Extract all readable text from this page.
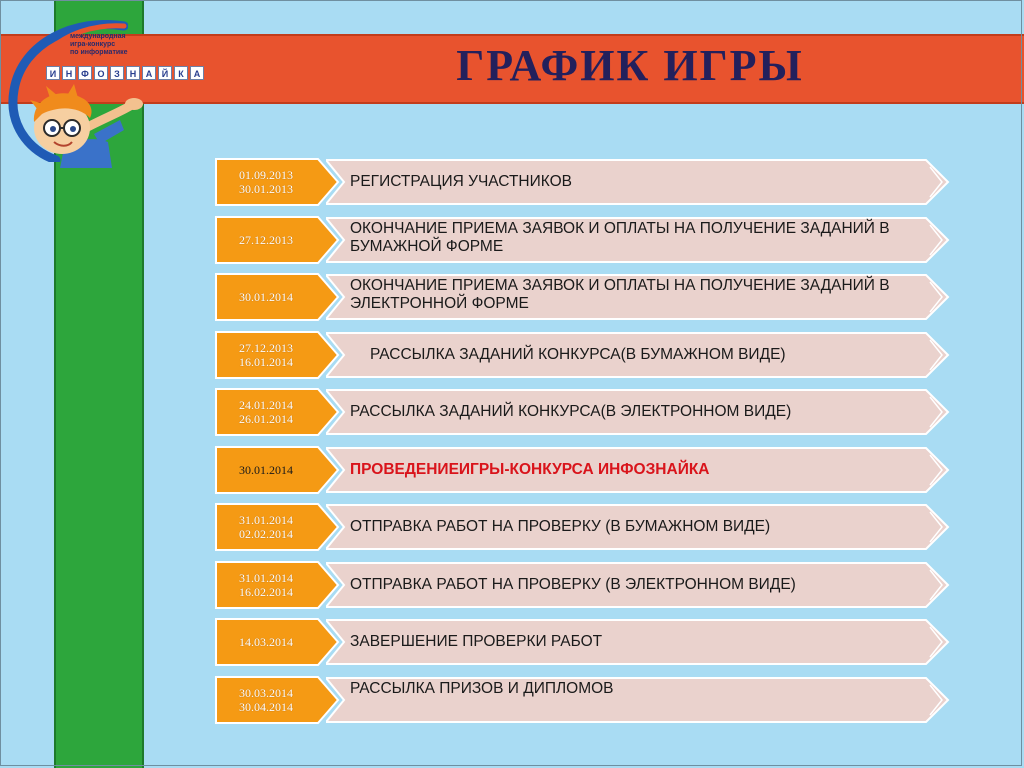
международная
игра-конкурс
по информатике
И	Н Ф О	З	Н	А	Й	К	А	ГРАФИК ИГРЫ
01.09.2013
30.01.2013	РЕГИСТРАЦИЯ УЧАСТНИКОВ
27.12.2013
ОКОНЧАНИЕ ПРИЕМА ЗАЯВОК И ОПЛАТЫ НА ПОЛУЧЕНИЕ ЗАДАНИЙ В БУМАЖНОЙ ФОРМЕ
30.01.2014
ОКОНЧАНИЕ ПРИЕМА ЗАЯВОК И ОПЛАТЫ НА ПОЛУЧЕНИЕ ЗАДАНИЙ В ЭЛЕКТРОННОЙ ФОРМЕ
27.12.2013
16.01.2014	РАССЫЛКА ЗАДАНИЙ КОНКУРСА(В БУМАЖНОМ ВИДЕ)
24.01.2014
26.01.2014	РАССЫЛКА ЗАДАНИЙ КОНКУРСА(В ЭЛЕКТРОННОМ ВИДЕ)
30.01.2014	ПРОВЕДЕНИЕИГРЫ-КОНКУРСА ИНФОЗНАЙКА
31.01.2014
02.02.2014	ОТПРАВКА РАБОТ НА ПРОВЕРКУ (В БУМАЖНОМ ВИДЕ)
31.01.2014
16.02.2014	ОТПРАВКА РАБОТ НА ПРОВЕРКУ (В ЭЛЕКТРОННОМ ВИДЕ)
14.03.2014	ЗАВЕРШЕНИЕ ПРОВЕРКИ РАБОТ
30.03.2014
30.04.2014
РАССЫЛКА ПРИЗОВ И ДИПЛОМОВ
